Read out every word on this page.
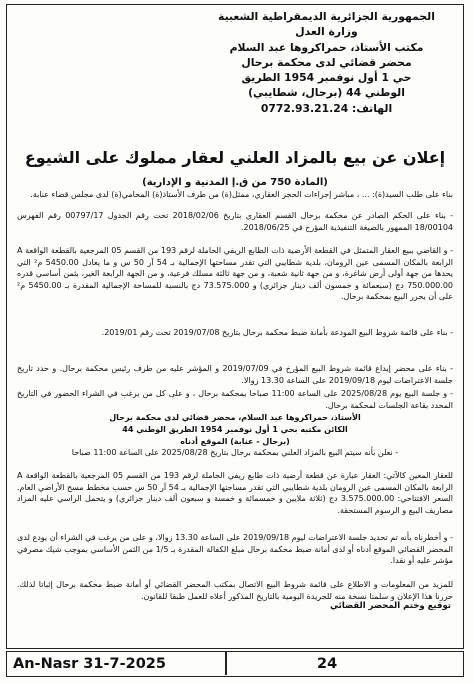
الجمهورية الجزائرية الديمقراطية الشعبية
وزارة العدل
مكتب الأستاذ، حمراكروها عبد السلام
محضر قضائي لدى محكمة برحال
حي 1 أول نوفمبر 1954 الطريق
الوطني 44 (برحال، شطايبي)
الهاتف: 0772.93.21.24
إعلان عن بيع بالمزاد العلني لعقار مملوك على الشيوع
(المادة 750 من ق.إ المدنية و الإدارية)
بناء على طلب السيد(ة): ... ، مباشر إجراءات الحجز العقاري، ممثل(ة) من طرف الأستاذ(ة) المحامي(ة) لدى مجلس قضاء عنابة.
- بناء على الحكم الصادر عن محكمة برحال القسم العقاري بتاريخ 2018/02/06 تحت رقم الجدول 00797/17 رقم الفهرس 18/00104 الممهور بالصيغة التنفيذية المؤرخ في 2018/06/25.
- و القاضي ببيع العقار المتمثل في القطعة الأرضية ذات الطابع الريفي الحاملة لرقم 193 من القسم 05 المرجعية بالقطعة الواقعة A الرابعة بالمكان المسمى عين الرومان، بلدية شطايبي التي تقدر مساحتها الإجمالية بـ 54 آر 50 س و ما يعادل 5450.00 م² التي يحدها من جهة أولى أرض شاغرة، و من جهة ثانية شعبة، و من جهة ثالثة مسلك فرعية، و من الجهة الرابعة الغير، بثمن أساسي قدره 750.000.00 دج (سبعمائة و خمسون ألف دينار جزائري) و 73.575.000 دج بالنسبة للمساحة الإجمالية المقدرة بـ 5450.00 م² على أن يحرر البيع بمحكمة برحال.
- بناء على قائمة شروط البيع المودعة بأمانة ضبط محكمة برحال بتاريخ 2019/07/08 تحت رقم 2019/01.
- بناء على محضر إيداع قائمة شروط البيع المؤرخ في 2019/07/09 و المؤشر عليه من طرف رئيس محكمة برحال. و حدد تاريخ جلسة الاعتراضات ليوم 2019/09/18 على الساعة 13.30 زوالا.
- و جلسة البيع يوم 2025/08/28 على الساعة 11:00 صباحا بمحكمة برحال ، و على كل من يرغب في الشراء الحضور في التاريخ المحدد بقاعة الجلسات لمحكمة برحال.
الأستاذ، حمراكروها عبد السلام، محضر قضائي لدى محكمة برحال
الكائن مكتبه بحي 1 أول نوفمبر 1954 الطريق الوطني 44
(برحال - عنابة) الموقع أدناه
- نعلن بأنه سيتم البيع بالمزاد العلني بمحكمة برحال بتاريخ 2025/08/28 على الساعة 11:00 صباحا
للعقار المعين كالآتي: العقار عبارة عن قطعة أرضية ذات طابع ريفي الحاملة لرقم 193 من القسم 05 المرجعية بالقطعة الواقعة A الرابعة بالمكان المسمى عين الرومان بلدية شطايبي التي تقدر مساحتها الإجمالية بـ 54 آر 50 س حسب مخطط مسح الأراضي العام. السعر الافتتاحي: 3.575.000.00 دج (ثلاثة ملايين و خمسمائة و خمسة و سبعون ألف دينار جزائري) و يتحمل الراسي عليه المزاد مصاريف البيع و الرسوم المستحقة.
- و أخطرناه بأنه تم تحديد جلسة الاعتراضات ليوم 2019/09/18 على الساعة 13.30 زوالا، و على من يرغب في الشراء أن يودع لدى المحضر القضائي الموقع أدناه أو لدى أمانة ضبط محكمة برحال مبلغ الكفالة المقدرة بـ 1/5 من الثمن الأساسي بموجب شيك مصرفي مؤشر عليه أو نقدا.
للمزيد من المعلومات و الاطلاع على قائمة شروط البيع الاتصال بمكتب المحضر القضائي أو أمانة ضبط محكمة برحال إثباتا لذلك. حررنا هذا الإعلان و سلمنا نسخة منه للجريدة اليومية بالتاريخ المذكور أعلاه للعمل طبقا للقانون.
توقيع وختم المحضر القضائي
An-Nasr 31-7-2025	24
